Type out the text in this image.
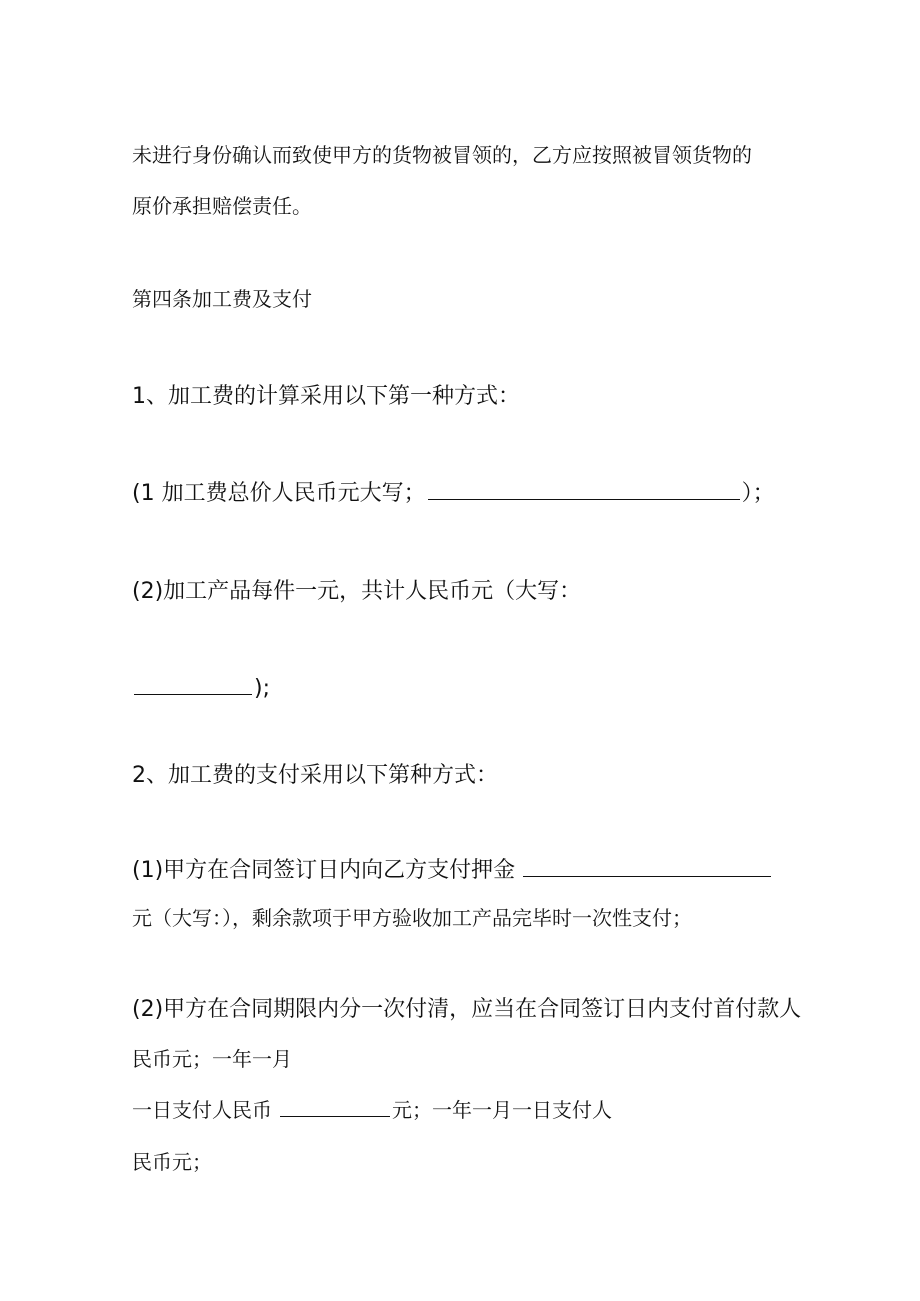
未进行身份确认而致使甲方的货物被冒领的，乙方应按照被冒领货物的
原价承担赔偿责任。
第四条加工费及支付
1、加工费的计算采用以下第一种方式：
(1 加工费总价人民币元大写；	）；
(2)加工产品每件一元，共计人民币元（大写：
);
2、加工费的支付采用以下第种方式：
(1)甲方在合同签订日内向乙方支付押金
元（大写：），剩余款项于甲方验收加工产品完毕时一次性支付；
(2)甲方在合同期限内分一次付清，应当在合同签订日内支付首付款人
民币元；一年一月
一日支付人民币	元；一年一月一日支付人
民币元；
